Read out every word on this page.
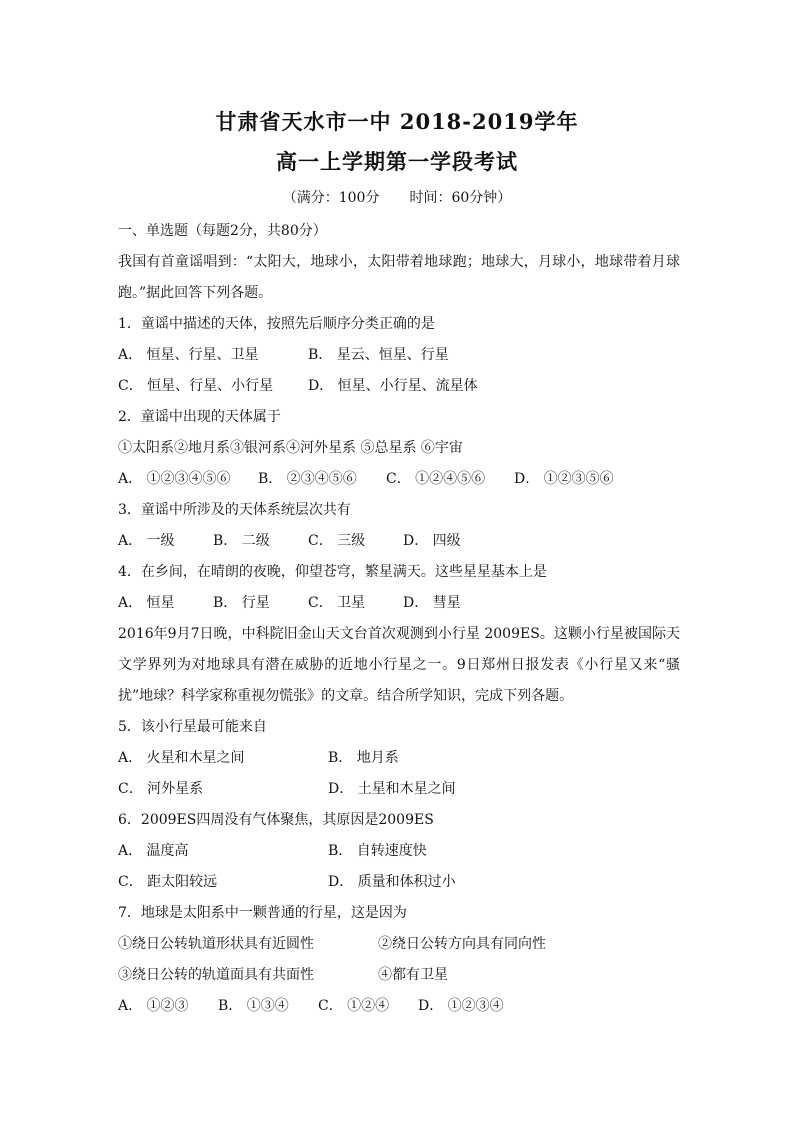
甘肃省天水市一中 2018-2019学年
高一上学期第一学段考试
（满分：100分 时间：60分钟）
一、单选题（每题2分，共80分）
我国有首童谣唱到：“太阳大，地球小，太阳带着地球跑；地球大，月球小，地球带着月球跑。”据此回答下列各题。
1．童谣中描述的天体，按照先后顺序分类正确的是
A． 恒星、行星、卫星	B． 星云、恒星、行星
C． 恒星、行星、小行星 D． 恒星、小行星、流星体
2．童谣中出现的天体属于
①太阳系②地月系③银河系④河外星系 ⑤总星系 ⑥宇宙
A． ①②③④⑤⑥ B． ②③④⑤⑥ C． ①②④⑤⑥ D． ①②③⑤⑥
3．童谣中所涉及的天体系统层次共有
A． 一级	B． 二级	C． 三级	D． 四级
4．在乡间，在晴朗的夜晚，仰望苍穹，繁星满天。这些星星基本上是
A． 恒星	B． 行星	C． 卫星	D． 彗星
2016年9月7日晚，中科院旧金山天文台首次观测到小行星 2009ES。这颗小行星被国际天文学界列为对地球具有潜在威胁的近地小行星之一。9日郑州日报发表《小行星又来“骚扰”地球？科学家称重视勿慌张》的文章。结合所学知识，完成下列各题。
5．该小行星最可能来自
A． 火星和木星之间	B． 地月系
C． 河外星系	D． 土星和木星之间
6．2009ES四周没有气体聚焦，其原因是2009ES
A． 温度高	B． 自转速度快
C． 距太阳较远	D． 质量和体积过小
7．地球是太阳系中一颗普通的行星，这是因为
①绕日公转轨道形状具有近圆性	②绕日公转方向具有同向性
③绕日公转的轨道面具有共面性	④都有卫星
A． ①②③ B． ①③④ C． ①②④ D． ①②③④
